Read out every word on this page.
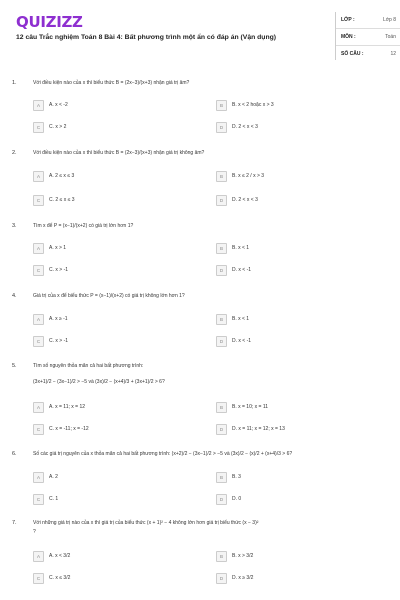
QUIZIZZ
12 câu Trắc nghiệm Toán 8 Bài 4: Bất phương trình một ẩn có đáp án (Vận dụng)
LỚP :	Lớp 8
MÔN :	Toán
SỐ CÂU :	12
1.	Với điều kiện nào của x thì biểu thức B = (2x−3)/(x+3) nhận giá trị âm?
A	A. x < -2	B	B. x < 2 hoặc x > 3
C	C. x > 2	D	D. 2 < x < 3
2.	Với điều kiện nào của x thì biểu thức B = (2x−3)/(x+3) nhận giá trị không âm?
A	A. 2 ≤ x ≤ 3	B	B. x ≤ 2 / x > 3
C	C. 2 ≤ x ≤ 3	D	D. 2 < x < 3
3.	Tìm x để P = (x−1)/(x+2) có giá trị lớn hơn 1?
A	A. x > 1	B	B. x < 1
C	C. x > -1	D	D. x < -1
4.	Giá trị của x để biểu thức P = (x−1)/(x+2) có giá trị không lớn hơn 1?
A	A. x ≥ -1	B	B. x < 1
C	C. x > -1	D	D. x < -1
5.	Tìm số nguyên thỏa mãn cả hai bất phương trình:
(3x+1)/2 − (3x−1)/2 > −5 và (3x)/2 − (x+4)/3 + (3x+1)/2 > 6?
A	A. x = 11; x = 12	B	B. x = 10; x = 11
C	C. x = -11; x = -12	D	D. x = 11; x = 12; x = 13
6.	Số các giá trị nguyên của x thỏa mãn cả hai bất phương trình: (x+2)/2 − (3x−1)/2 > −5 và (3x)/2 − (x)/2 + (x+4)/3 > 6?
A	A. 2	B	B. 3
C	C. 1	D	D. 0
7.	Với những giá trị nào của x thì giá trị của biểu thức (x + 1)² − 4 không lớn hơn giá trị biểu thức (x − 3)²
?
A	A. x < 3/2	B	B. x > 3/2
C	C. x ≤ 3/2	D	D. x ≥ 3/2
